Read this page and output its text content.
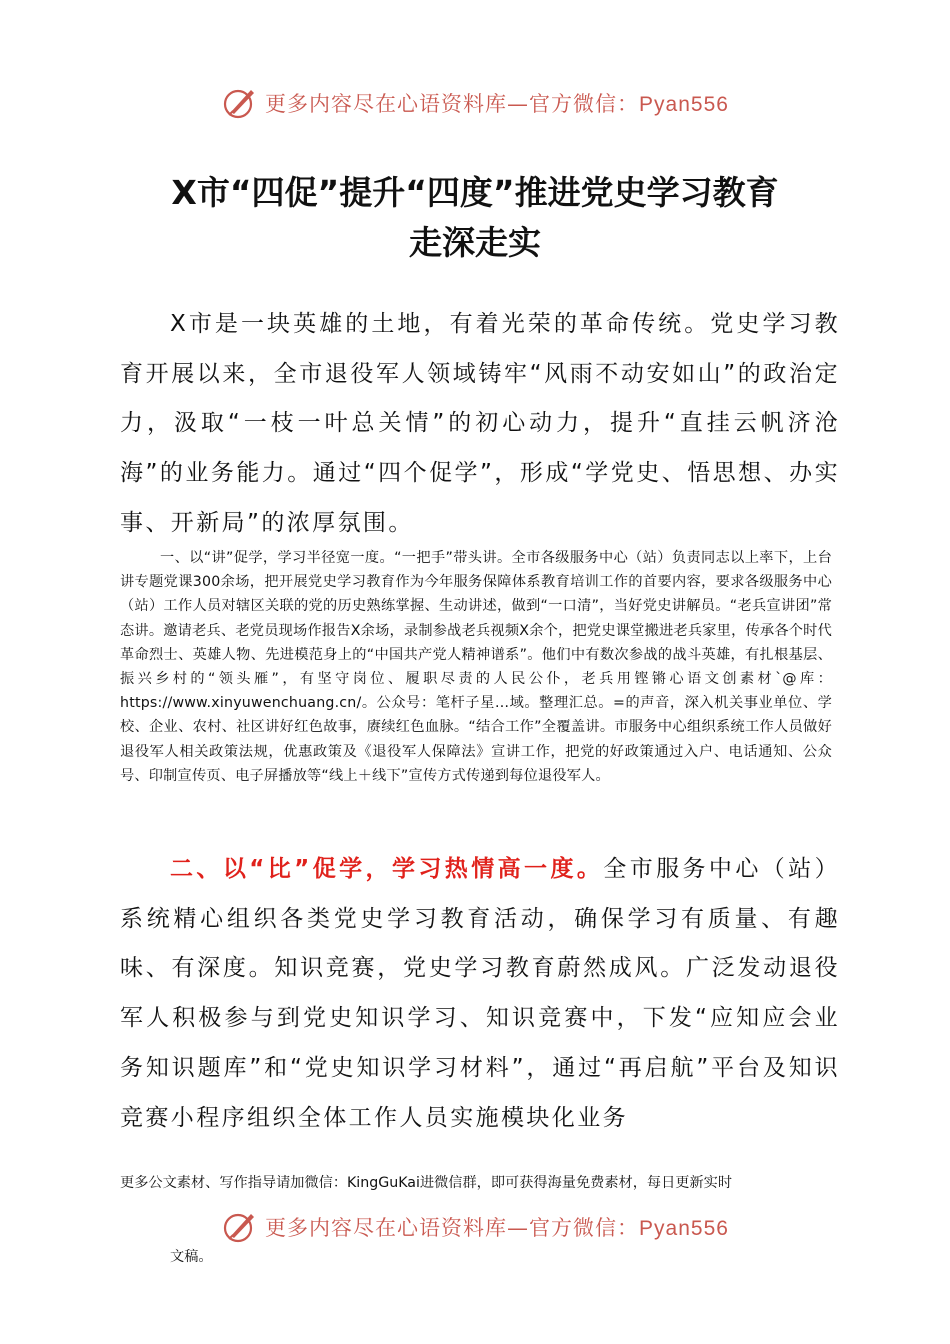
更多内容尽在心语资料库—官方微信：Pyan556
X市“四促”提升“四度”推进党史学习教育
走深走实

X市是一块英雄的土地，有着光荣的革命传统。党史学习教育开展以来，全市退役军人领域铸牢“风雨不动安如山”的政治定力，汲取“一枝一叶总关情”的初心动力，提升“直挂云帆济沧海”的业务能力。通过“四个促学”，形成“学党史、悟思想、办实事、开新局”的浓厚氛围。

一、以“讲”促学，学习半径宽一度。“一把手”带头讲。全市各级服务中心（站）负责同志以上率下，上台讲专题党课300余场，把开展党史学习教育作为今年服务保障体系教育培训工作的首要内容，要求各级服务中心（站）工作人员对辖区关联的党的历史熟练掌握、生动讲述，做到“一口清”，当好党史讲解员。“老兵宣讲团”常态讲。邀请老兵、老党员现场作报告X余场，录制参战老兵视频X余个，把党史课堂搬进老兵家里，传承各个时代革命烈士、英雄人物、先进模范身上的“中国共产党人精神谱系”。他们中有数次参战的战斗英雄，有扎根基层、振兴乡村的“领头雁”，有坚守岗位、履职尽责的人民公仆，老兵用铿锵心语文创素材`@库：https://www.xinyuwenchuang.cn/。公众号：笔杆子星…域。整理汇总。=的声音，深入机关事业单位、学校、企业、农村、社区讲好红色故事，赓续红色血脉。“结合工作”全覆盖讲。市服务中心组织系统工作人员做好退役军人相关政策法规，优惠政策及《退役军人保障法》宣讲工作，把党的好政策通过入户、电话通知、公众号、印制宣传页、电子屏播放等“线上＋线下”宣传方式传递到每位退役军人。

二、以“比”促学，学习热情高一度。全市服务中心（站）系统精心组织各类党史学习教育活动，确保学习有质量、有趣味、有深度。知识竞赛，党史学习教育蔚然成风。广泛发动退役军人积极参与到党史知识学习、知识竞赛中，下发“应知应会业务知识题库”和“党史知识学习材料”，通过“再启航”平台及知识竞赛小程序组织全体工作人员实施模块化业务

更多公文素材、写作指导请加微信：KingGuKai进微信群，即可获得海量免费素材，每日更新实时

更多内容尽在心语资料库—官方微信：Pyan556

文稿。
